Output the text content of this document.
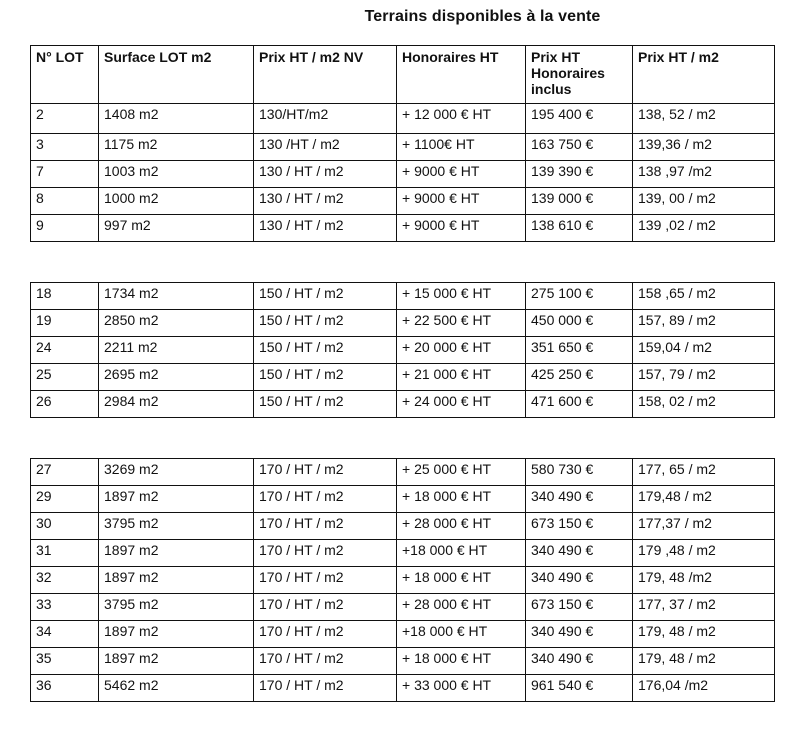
Terrains disponibles à la vente
N° LOT	Surface LOT m2	Prix HT / m2 NV	Honoraires HT	Prix HT Honoraires inclus	Prix HT / m2
2	1408 m2	130/HT/m2	+ 12 000 € HT	195 400 €	138, 52 / m2
3	1175 m2	130 /HT / m2	+ 1100€ HT	163 750 €	139,36 / m2
7	1003 m2	130 / HT / m2	+ 9000 € HT	139 390 €	138 ,97 /m2
8	1000 m2	130 / HT / m2	+ 9000 € HT	139 000 €	139, 00 / m2
9	997 m2	130 / HT / m2	+ 9000 € HT	138 610 €	139 ,02 / m2
18	1734 m2	150 / HT / m2	+ 15 000 € HT	275 100 €	158 ,65 / m2
19	2850 m2	150 / HT / m2	+ 22 500 € HT	450 000 €	157, 89 / m2
24	2211 m2	150 / HT / m2	+ 20 000 € HT	351 650 €	159,04 / m2
25	2695 m2	150 / HT / m2	+ 21 000 € HT	425 250 €	157, 79 / m2
26	2984 m2	150 / HT / m2	+ 24 000 € HT	471 600 €	158, 02 / m2
27	3269 m2	170 / HT / m2	+ 25 000 € HT	580 730 €	177, 65 / m2
29	1897 m2	170 / HT / m2	+ 18 000 € HT	340 490 €	179,48 / m2
30	3795 m2	170 / HT / m2	+ 28 000 € HT	673 150 €	177,37 / m2
31	1897 m2	170 / HT / m2	+18 000 € HT	340 490 €	179 ,48 / m2
32	1897 m2	170 / HT / m2	+ 18 000 € HT	340 490 €	179, 48 /m2
33	3795 m2	170 / HT / m2	+ 28 000 € HT	673 150 €	177, 37 / m2
34	1897 m2	170 / HT / m2	+18 000 € HT	340 490 €	179, 48 / m2
35	1897 m2	170 / HT / m2	+ 18 000 € HT	340 490 €	179, 48 / m2
36	5462 m2	170 / HT / m2	+ 33 000 € HT	961 540 €	176,04 /m2
